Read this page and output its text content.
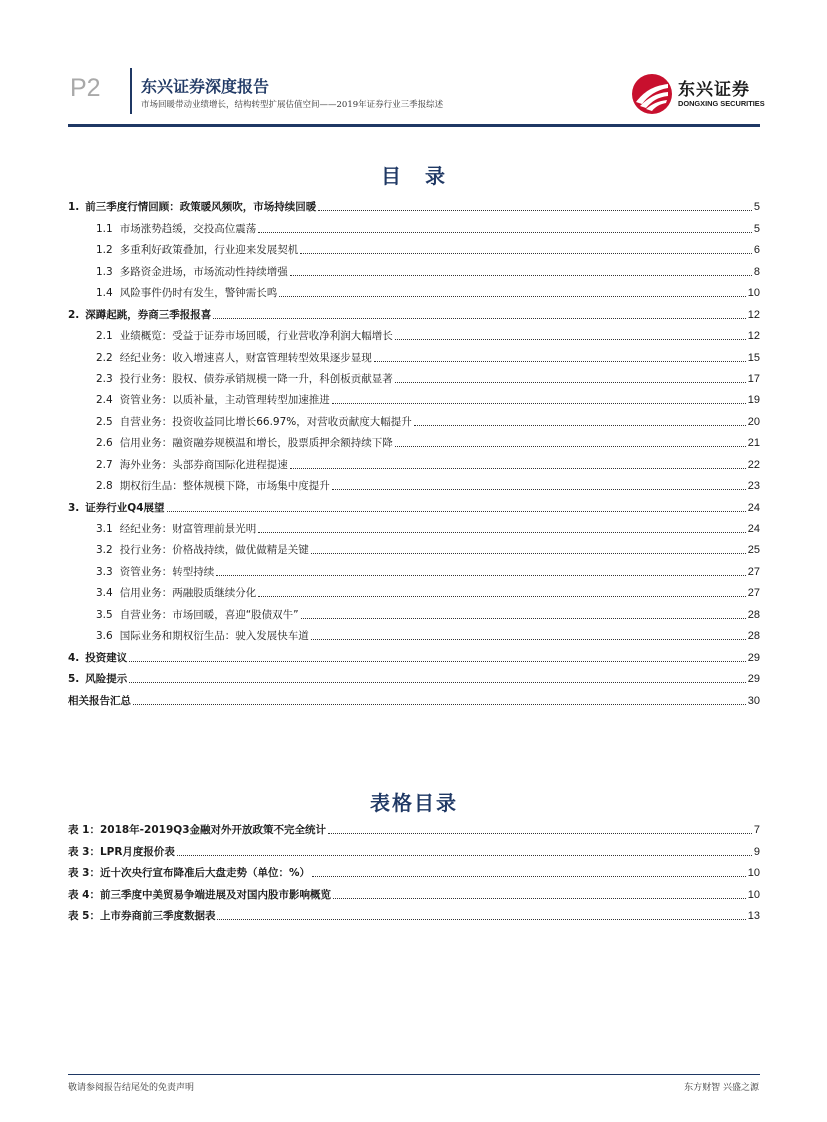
P2	东兴证券深度报告
市场回暖带动业绩增长，结构转型扩展估值空间——2019年证券行业三季报综述
东兴证券
DONGXING SECURITIES
目　录
1. 前三季度行情回顾：政策暖风频吹，市场持续回暖	5
1.1 市场涨势趋缓，交投高位震荡	5
1.2 多重利好政策叠加，行业迎来发展契机	6
1.3 多路资金进场，市场流动性持续增强	8
1.4 风险事件仍时有发生，警钟需长鸣	10
2. 深蹲起跳，券商三季报报喜	12
2.1 业绩概览：受益于证券市场回暖，行业营收净利润大幅增长	12
2.2 经纪业务：收入增速喜人，财富管理转型效果逐步显现	15
2.3 投行业务：股权、债券承销规模一降一升，科创板贡献显著	17
2.4 资管业务：以质补量，主动管理转型加速推进	19
2.5 自营业务：投资收益同比增长66.97%，对营收贡献度大幅提升	20
2.6 信用业务：融资融券规模温和增长，股票质押余额持续下降	21
2.7 海外业务：头部券商国际化进程提速	22
2.8 期权衍生品：整体规模下降，市场集中度提升	23
3. 证券行业Q4展望	24
3.1 经纪业务：财富管理前景光明	24
3.2 投行业务：价格战持续，做优做精是关键	25
3.3 资管业务：转型持续	27
3.4 信用业务：两融股质继续分化	27
3.5 自营业务：市场回暖，喜迎“股债双牛”	28
3.6 国际业务和期权衍生品：驶入发展快车道	28
4. 投资建议	29
5. 风险提示	29
相关报告汇总	30
表格目录
表 1：2018年-2019Q3金融对外开放政策不完全统计	7
表 3：LPR月度报价表	9
表 3：近十次央行宣布降准后大盘走势（单位：%）	10
表 4：前三季度中美贸易争端进展及对国内股市影响概览	10
表 5：上市券商前三季度数据表	13
敬请参阅报告结尾处的免责声明	东方财智 兴盛之源
